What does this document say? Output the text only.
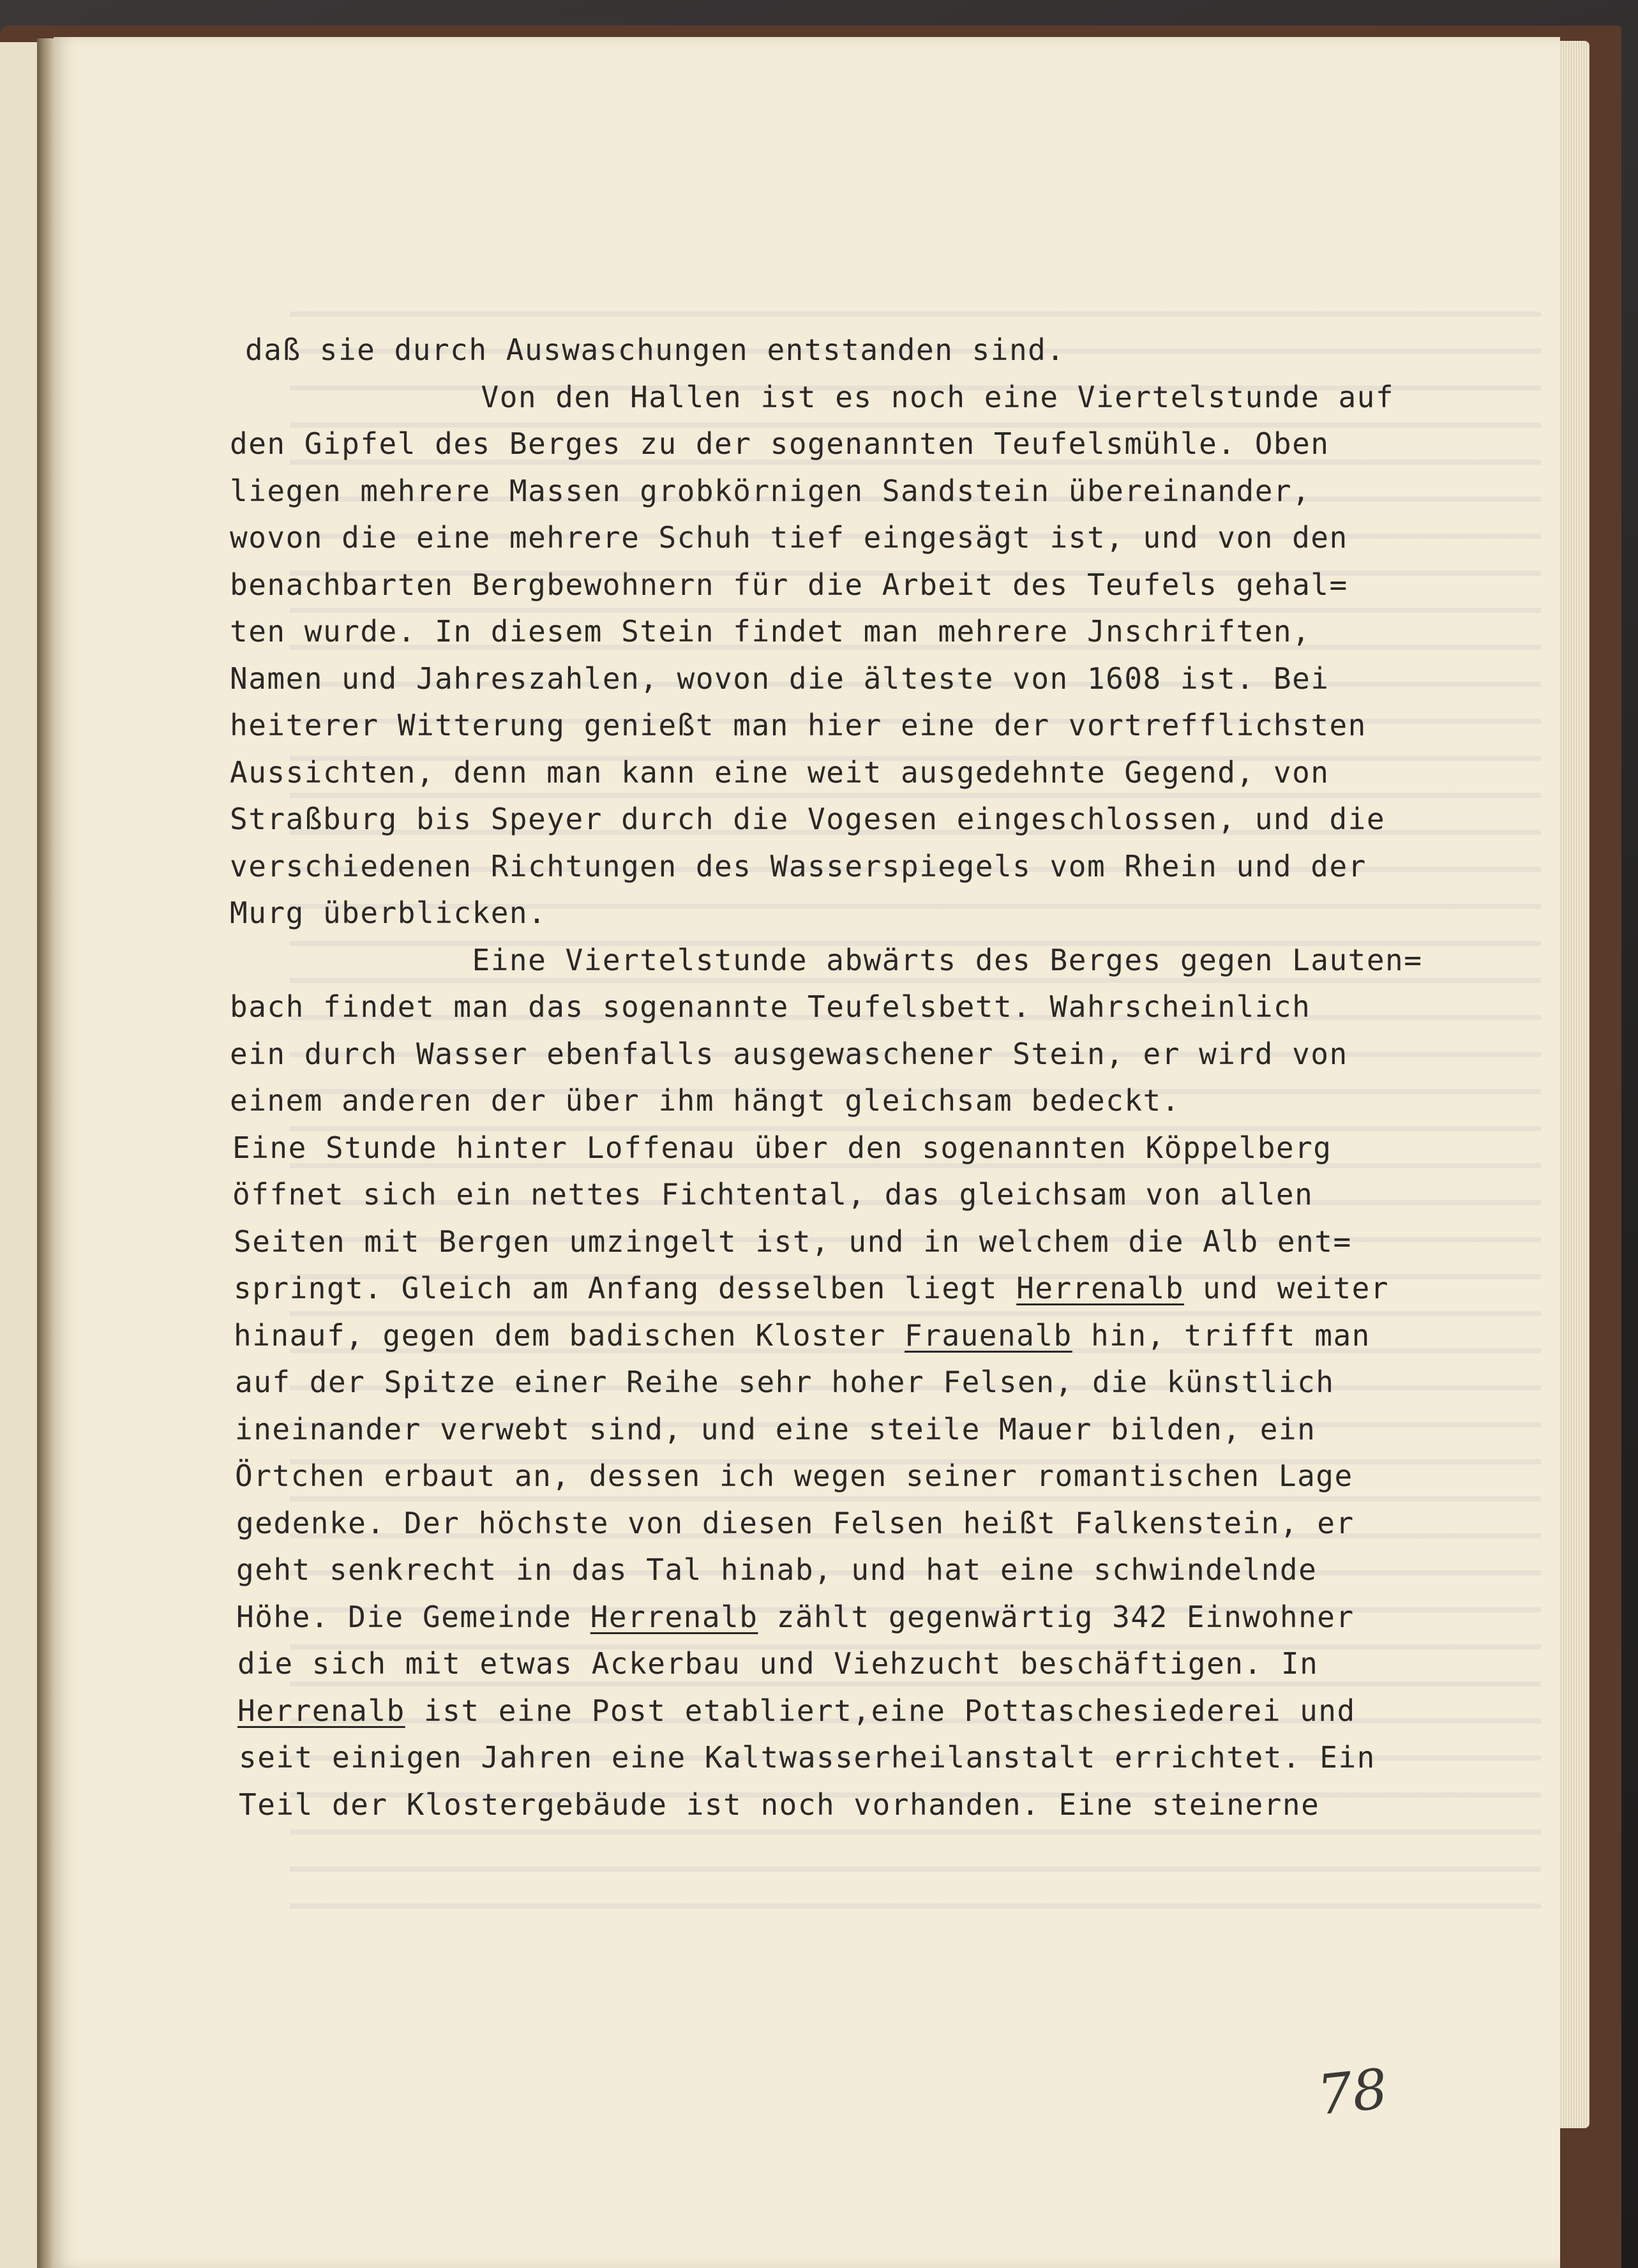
daß sie durch Auswaschungen entstanden sind.
Von den Hallen ist es noch eine Viertelstunde auf
den Gipfel des Berges zu der sogenannten Teufelsmühle. Oben
liegen mehrere Massen grobkörnigen Sandstein übereinander,
wovon die eine mehrere Schuh tief eingesägt ist, und von den
benachbarten Bergbewohnern für die Arbeit des Teufels gehal=
ten wurde. In diesem Stein findet man mehrere Jnschriften,
Namen und Jahreszahlen, wovon die älteste von 1608 ist. Bei
heiterer Witterung genießt man hier eine der vortrefflichsten
Aussichten, denn man kann eine weit ausgedehnte Gegend, von
Straßburg bis Speyer durch die Vogesen eingeschlossen, und die
verschiedenen Richtungen des Wasserspiegels vom Rhein und der
Murg überblicken.
Eine Viertelstunde abwärts des Berges gegen Lauten=
bach findet man das sogenannte Teufelsbett. Wahrscheinlich
ein durch Wasser ebenfalls ausgewaschener Stein, er wird von
einem anderen der über ihm hängt gleichsam bedeckt.
Eine Stunde hinter Loffenau über den sogenannten Köppelberg
öffnet sich ein nettes Fichtental, das gleichsam von allen
Seiten mit Bergen umzingelt ist, und in welchem die Alb ent=
springt. Gleich am Anfang desselben liegt Herrenalb und weiter
hinauf, gegen dem badischen Kloster Frauenalb hin, trifft man
auf der Spitze einer Reihe sehr hoher Felsen, die künstlich
ineinander verwebt sind, und eine steile Mauer bilden, ein
Örtchen erbaut an, dessen ich wegen seiner romantischen Lage
gedenke. Der höchste von diesen Felsen heißt Falkenstein, er
geht senkrecht in das Tal hinab, und hat eine schwindelnde
Höhe. Die Gemeinde Herrenalb zählt gegenwärtig 342 Einwohner
die sich mit etwas Ackerbau und Viehzucht beschäftigen. In
Herrenalb ist eine Post etabliert,eine Pottaschesiederei und
seit einigen Jahren eine Kaltwasserheilanstalt errichtet. Ein
Teil der Klostergebäude ist noch vorhanden. Eine steinerne
78
